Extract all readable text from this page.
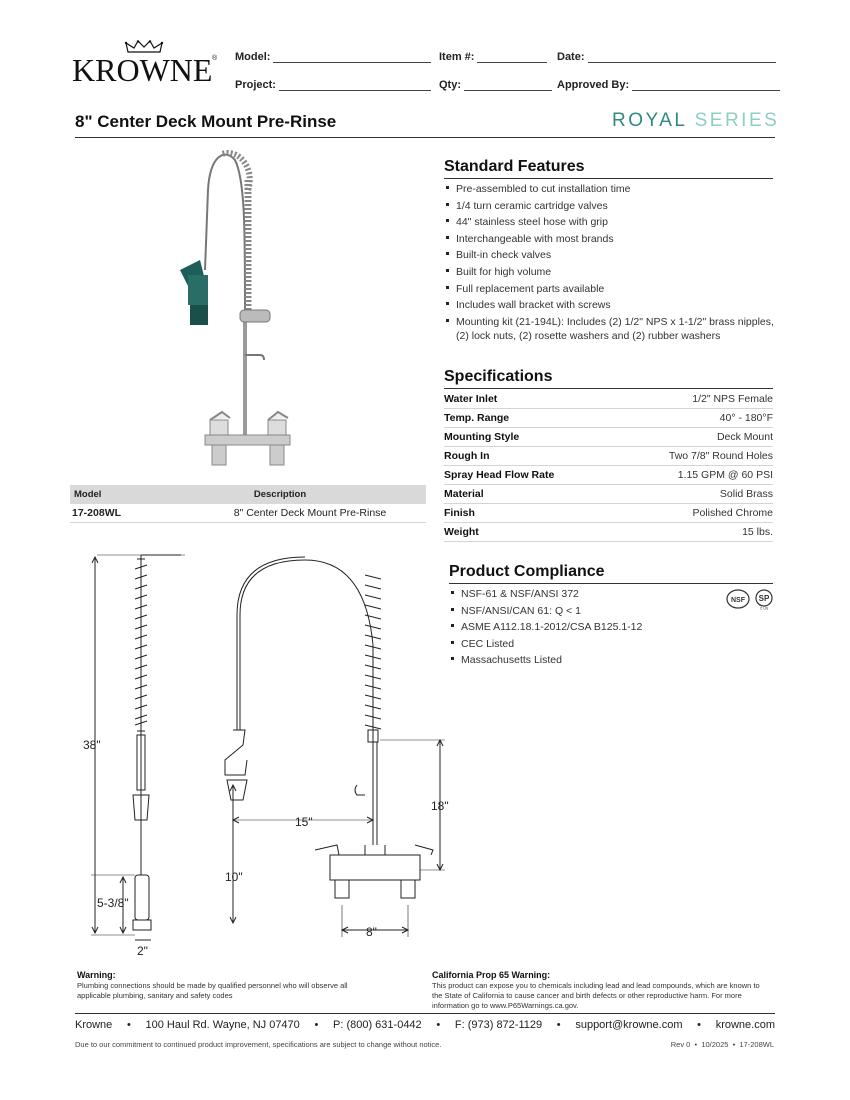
KROWNE ® Model:	Item #:	Date:
Project:	Qty:	Approved By:
8" Center Deck Mount Pre-Rinse	ROYAL SERIES
Standard Features
Pre-assembled to cut installation time
1/4 turn ceramic cartridge valves
44" stainless steel hose with grip
Interchangeable with most brands
Built-in check valves
Built for high volume
Full replacement parts available
Includes wall bracket with screws
Mounting kit (21-194L): Includes (2) 1/2" NPS x 1-1/2" brass nipples, (2) lock nuts, (2) rosette washers and (2) rubber washers
Specifications
Water Inlet	1/2" NPS Female
Temp. Range	40° - 180°F
Mounting Style	Deck Mount
Rough In	Two 7/8" Round Holes
Spray Head Flow Rate	1.15 GPM @ 60 PSI
Material	Solid Brass
Finish	Polished Chrome
Weight	15 lbs.
Model	Description
17-208WL	8" Center Deck Mount Pre-Rinse
Product Compliance
NSF-61 & NSF/ANSI 372
NSF/ANSI/CAN 61: Q < 1
ASME A112.18.1-2012/CSA B125.1-12
CEC Listed
Massachusetts Listed
NSF SP
C US
38"
5-3/8"
2"
15"
10"
8"
18"
Warning:
Plumbing connections should be made by qualified personnel who will observe all applicable plumbing, sanitary and safety codes
California Prop 65 Warning:
This product can expose you to chemicals including lead and lead compounds, which are known to the State of California to cause cancer and birth defects or other reproductive harm. For more information go to www.P65Warnings.ca.gov.
Krowne • 100 Haul Rd. Wayne, NJ 07470 • P: (800) 631-0442 • F: (973) 872-1129 • support@krowne.com • krowne.com
Due to our commitment to continued product improvement, specifications are subject to change without notice.	Rev 0  •  10/2025  •  17-208WL
